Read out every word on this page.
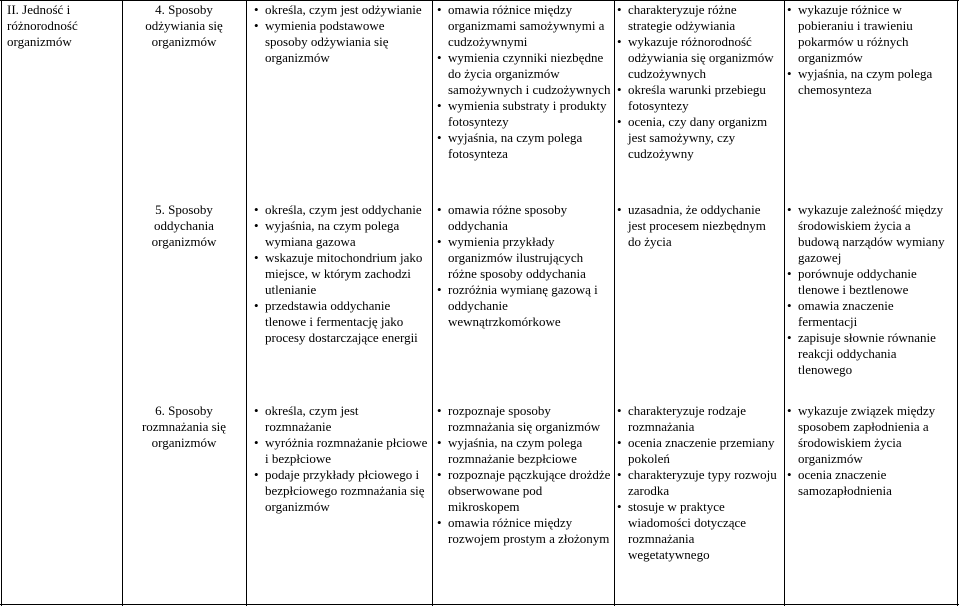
II. Jedność i różnorodność organizmów
4. Sposoby odżywiania się organizmów
• określa, czym jest odżywianie
• wymienia podstawowe sposoby odżywiania się organizmów
• omawia różnice między organizmami samożywnymi a cudzożywnymi
• wymienia czynniki niezbędne do życia organizmów samożywnych i cudzożywnych
• wymienia substraty i produkty fotosyntezy
• wyjaśnia, na czym polega fotosynteza
• charakteryzuje różne strategie odżywiania
• wykazuje różnorodność odżywiania się organizmów cudzożywnych
• określa warunki przebiegu fotosyntezy
• ocenia, czy dany organizm jest samożywny, czy cudzożywny
• wykazuje różnice w pobieraniu i trawieniu pokarmów u różnych organizmów
• wyjaśnia, na czym polega chemosynteza
5. Sposoby oddychania organizmów
• określa, czym jest oddychanie
• wyjaśnia, na czym polega wymiana gazowa
• wskazuje mitochondrium jako miejsce, w którym zachodzi utlenianie
• przedstawia oddychanie tlenowe i fermentację jako procesy dostarczające energii
• omawia różne sposoby oddychania
• wymienia przykłady organizmów ilustrujących różne sposoby oddychania
• rozróżnia wymianę gazową i oddychanie wewnątrzkomórkowe
• uzasadnia, że oddychanie jest procesem niezbędnym do życia
• wykazuje zależność między środowiskiem życia a budową narządów wymiany gazowej
• porównuje oddychanie tlenowe i beztlenowe
• omawia znaczenie fermentacji
• zapisuje słownie równanie reakcji oddychania tlenowego
6. Sposoby rozmnażania się organizmów
• określa, czym jest rozmnażanie
• wyróżnia rozmnażanie płciowe i bezpłciowe
• podaje przykłady płciowego i bezpłciowego rozmnażania się organizmów
• rozpoznaje sposoby rozmnażania się organizmów
• wyjaśnia, na czym polega rozmnażanie bezpłciowe
• rozpoznaje pączkujące drożdże obserwowane pod mikroskopem
• omawia różnice między rozwojem prostym a złożonym
• charakteryzuje rodzaje rozmnażania
• ocenia znaczenie przemiany pokoleń
• charakteryzuje typy rozwoju zarodka
• stosuje w praktyce wiadomości dotyczące rozmnażania wegetatywnego
• wykazuje związek między sposobem zapłodnienia a środowiskiem życia organizmów
• ocenia znaczenie samozapłodnienia
